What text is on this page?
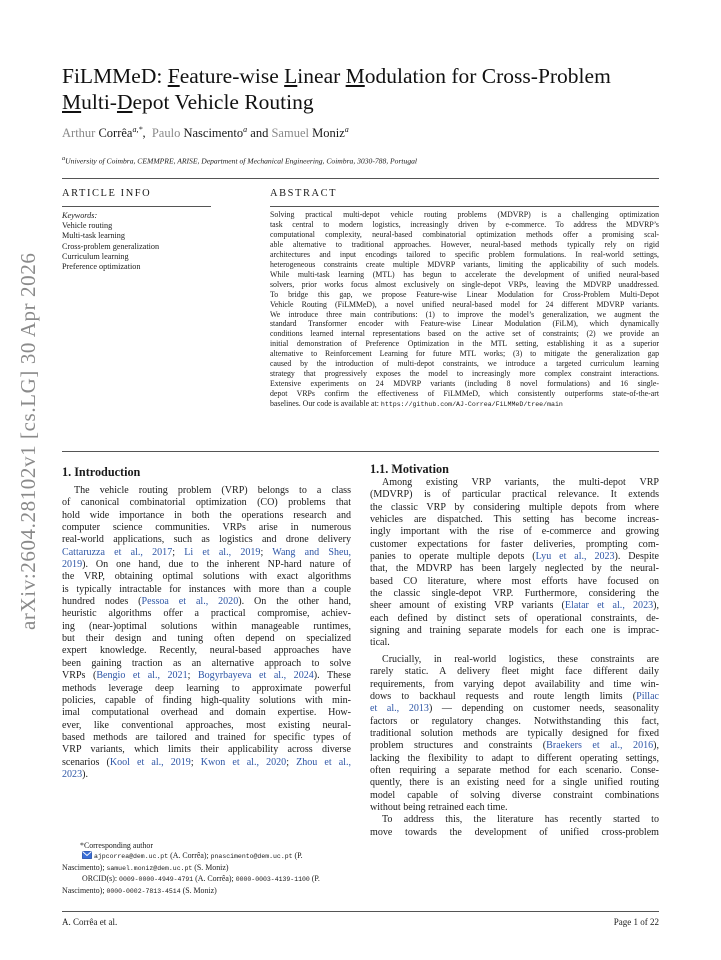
arXiv:2604.28102v1 [cs.LG] 30 Apr 2026
FiLMMeD: Feature-wise Linear Modulation for Cross-Problem
Multi-Depot Vehicle Routing
Arthur Corrêa$^{a,*}$,  Paulo Nascimento$^a$ and Samuel Moniz$^a$
$^a$University of Coimbra, CEMMPRE, ARISE, Department of Mechanical Engineering, Coimbra, 3030-788, Portugal
ARTICLE INFO
Keywords:
Vehicle routing
Multi-task learning
Cross-problem generalization
Curriculum learning
Preference optimization
ABSTRACT
Solving practical multi-depot vehicle routing problems (MDVRP) is a challenging optimization
task central to modern logistics, increasingly driven by e-commerce. To address the MDVRP’s
computational complexity, neural-based combinatorial optimization methods offer a promising scal-
able alternative to traditional approaches. However, neural-based methods typically rely on rigid
architectures and input encodings tailored to specific problem formulations. In real-world settings,
heterogeneous constraints create multiple MDVRP variants, limiting the applicability of such models.
While multi-task learning (MTL) has begun to accelerate the development of unified neural-based
solvers, prior works focus almost exclusively on single-depot VRPs, leaving the MDVRP unaddressed.
To bridge this gap, we propose Feature-wise Linear Modulation for Cross-Problem Multi-Depot
Vehicle Routing (FiLMMeD), a novel unified neural-based model for 24 different MDVRP variants.
We introduce three main contributions: (1) to improve the model’s generalization, we augment the
standard Transformer encoder with Feature-wise Linear Modulation (FiLM), which dynamically
conditions learned internal representations based on the active set of constraints; (2) we provide an
initial demonstration of Preference Optimization in the MTL setting, establishing it as a superior
alternative to Reinforcement Learning for future MTL works; (3) to mitigate the generalization gap
caused by the introduction of multi-depot constraints, we introduce a targeted curriculum learning
strategy that progressively exposes the model to increasingly more complex constraint interactions.
Extensive experiments on 24 MDVRP variants (including 8 novel formulations) and 16 single-
depot VRPs confirm the effectiveness of FiLMMeD, which consistently outperforms state-of-the-art
baselines. Our code is available at: https://github.com/AJ-Correa/FiLMMeD/tree/main
1. Introduction
The vehicle routing problem (VRP) belongs to a class
of canonical combinatorial optimization (CO) problems that
hold wide importance in both the operations research and
computer science communities. VRPs arise in numerous
real-world applications, such as logistics and drone delivery
Cattaruzza et al., 2017; Li et al., 2019; Wang and Sheu,
2019). On one hand, due to the inherent NP-hard nature of
the VRP, obtaining optimal solutions with exact algorithms
is typically intractable for instances with more than a couple
hundred nodes (Pessoa et al., 2020). On the other hand,
heuristic algorithms offer a practical compromise, achiev-
ing (near-)optimal solutions within manageable runtimes,
but their design and tuning often depend on specialized
expert knowledge. Recently, neural-based approaches have
been gaining traction as an alternative approach to solve
VRPs (Bengio et al., 2021; Bogyrbayeva et al., 2024). These
methods leverage deep learning to approximate powerful
policies, capable of finding high-quality solutions with min-
imal computational overhead and domain expertise. How-
ever, like conventional approaches, most existing neural-
based methods are tailored and trained for specific types of
VRP variants, which limits their applicability across diverse
scenarios (Kool et al., 2019; Kwon et al., 2020; Zhou et al.,
2023).
*Corresponding author
ajpcorrea@dem.uc.pt (A. Corrêa); pnascimento@dem.uc.pt (P.
Nascimento); samuel.moniz@dem.uc.pt (S. Moniz)
ORCID(s): 0009-0000-4949-4791 (A. Corrêa); 0000-0003-4139-1100 (P.
Nascimento); 0000-0002-7813-4514 (S. Moniz)
1.1. Motivation
Among existing VRP variants, the multi-depot VRP
(MDVRP) is of particular practical relevance. It extends
the classic VRP by considering multiple depots from where
vehicles are dispatched. This setting has become increas-
ingly important with the rise of e-commerce and growing
customer expectations for faster deliveries, prompting com-
panies to operate multiple depots (Lyu et al., 2023). Despite
that, the MDVRP has been largely neglected by the neural-
based CO literature, where most efforts have focused on
the classic single-depot VRP. Furthermore, considering the
sheer amount of existing VRP variants (Elatar et al., 2023),
each defined by distinct sets of operational constraints, de-
signing and training separate models for each one is imprac-
tical.
Crucially, in real-world logistics, these constraints are
rarely static. A delivery fleet might face different daily
requirements, from varying depot availability and time win-
dows to backhaul requests and route length limits (Pillac
et al., 2013) — depending on customer needs, seasonality
factors or regulatory changes. Notwithstanding this fact,
traditional solution methods are typically designed for fixed
problem structures and constraints (Braekers et al., 2016),
lacking the flexibility to adapt to different operating settings,
often requiring a separate method for each scenario. Conse-
quently, there is an existing need for a single unified routing
model capable of solving diverse constraint combinations
without being retrained each time.
To address this, the literature has recently started to
move towards the development of unified cross-problem
A. Corrêa et al.	Page 1 of 22
